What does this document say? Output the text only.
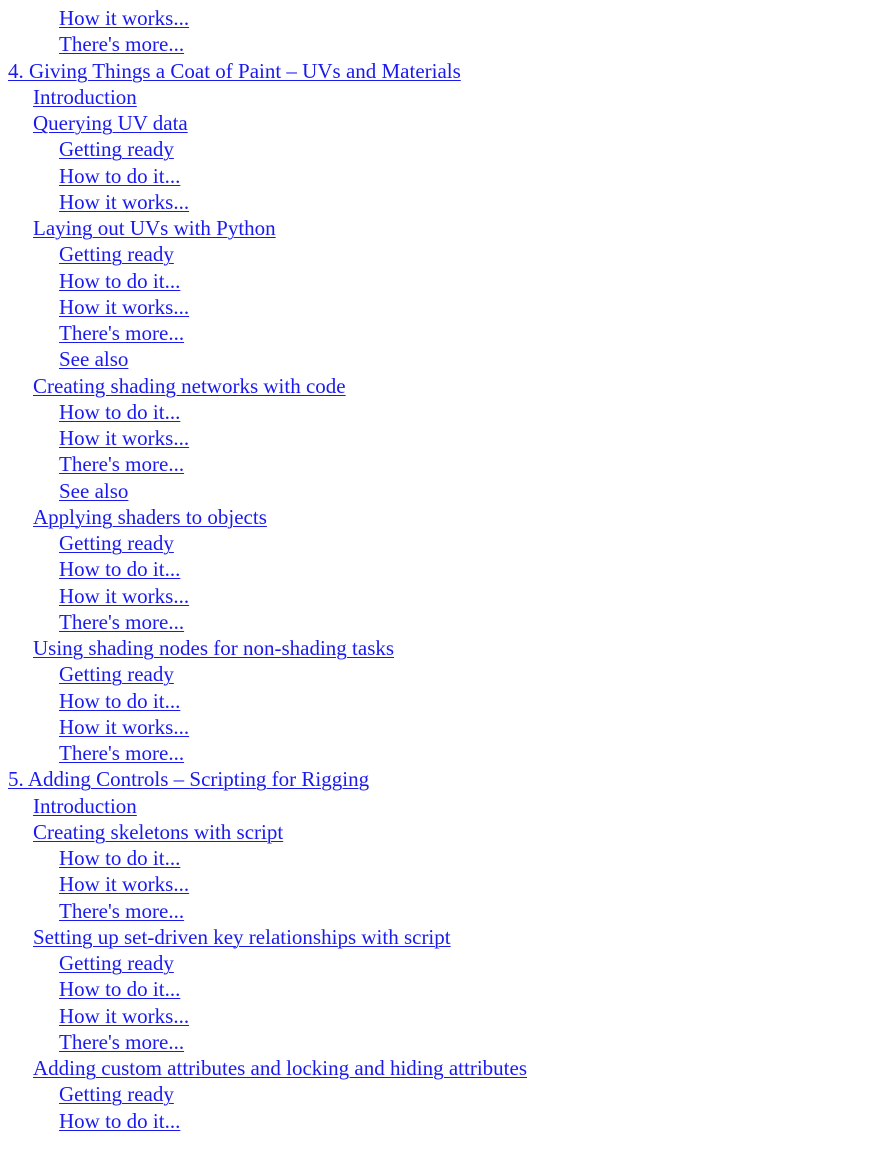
How it works...
There's more...
4. Giving Things a Coat of Paint – UVs and Materials
Introduction
Querying UV data
Getting ready
How to do it...
How it works...
Laying out UVs with Python
Getting ready
How to do it...
How it works...
There's more...
See also
Creating shading networks with code
How to do it...
How it works...
There's more...
See also
Applying shaders to objects
Getting ready
How to do it...
How it works...
There's more...
Using shading nodes for non-shading tasks
Getting ready
How to do it...
How it works...
There's more...
5. Adding Controls – Scripting for Rigging
Introduction
Creating skeletons with script
How to do it...
How it works...
There's more...
Setting up set-driven key relationships with script
Getting ready
How to do it...
How it works...
There's more...
Adding custom attributes and locking and hiding attributes
Getting ready
How to do it...
